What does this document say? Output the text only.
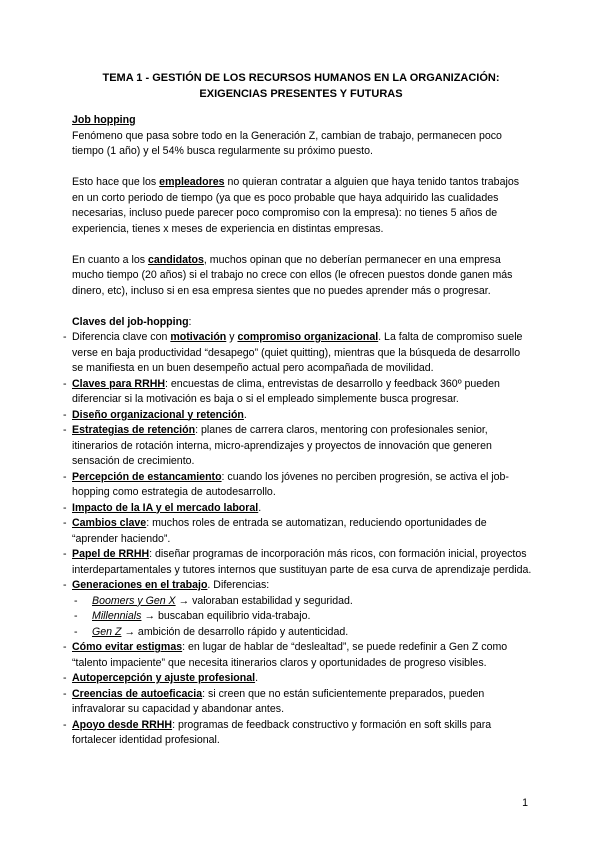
TEMA 1 - GESTIÓN DE LOS RECURSOS HUMANOS EN LA ORGANIZACIÓN:
EXIGENCIAS PRESENTES Y FUTURAS

Job hopping

Fenómeno que pasa sobre todo en la Generación Z, cambian de trabajo, permanecen poco tiempo (1 año) y el 54% busca regularmente su próximo puesto.

Esto hace que los empleadores no quieran contratar a alguien que haya tenido tantos trabajos en un corto periodo de tiempo (ya que es poco probable que haya adquirido las cualidades necesarias, incluso puede parecer poco compromiso con la empresa): no tienes 5 años de experiencia, tienes x meses de experiencia en distintas empresas.

En cuanto a los candidatos, muchos opinan que no deberían permanecer en una empresa mucho tiempo (20 años) si el trabajo no crece con ellos (le ofrecen puestos donde ganen más dinero, etc), incluso si en esa empresa sientes que no puedes aprender más o progresar.

Claves del job-hopping:

- Diferencia clave con motivación y compromiso organizacional. La falta de compromiso suele verse en baja productividad “desapego” (quiet quitting), mientras que la búsqueda de desarrollo se manifiesta en un buen desempeño actual pero acompañada de movilidad.
- Claves para RRHH: encuestas de clima, entrevistas de desarrollo y feedback 360º pueden diferenciar si la motivación es baja o si el empleado simplemente busca progresar.
- Diseño organizacional y retención.
- Estrategias de retención: planes de carrera claros, mentoring con profesionales senior, itinerarios de rotación interna, micro-aprendizajes y proyectos de innovación que generen sensación de crecimiento.
- Percepción de estancamiento: cuando los jóvenes no perciben progresión, se activa el job-hopping como estrategia de autodesarrollo.
- Impacto de la IA y el mercado laboral.
- Cambios clave: muchos roles de entrada se automatizan, reduciendo oportunidades de “aprender haciendo”.
- Papel de RRHH: diseñar programas de incorporación más ricos, con formación inicial, proyectos interdepartamentales y tutores internos que sustituyan parte de esa curva de aprendizaje perdida.
- Generaciones en el trabajo. Diferencias:
- Boomers y Gen X → valoraban estabilidad y seguridad.
- Millennials → buscaban equilibrio vida-trabajo.
- Gen Z → ambición de desarrollo rápido y autenticidad.
- Cómo evitar estigmas: en lugar de hablar de “deslealtad”, se puede redefinir a Gen Z como “talento impaciente” que necesita itinerarios claros y oportunidades de progreso visibles.
- Autopercepción y ajuste profesional.
- Creencias de autoeficacia: si creen que no están suficientemente preparados, pueden infravalorar su capacidad y abandonar antes.
- Apoyo desde RRHH: programas de feedback constructivo y formación en soft skills para fortalecer identidad profesional.
1
